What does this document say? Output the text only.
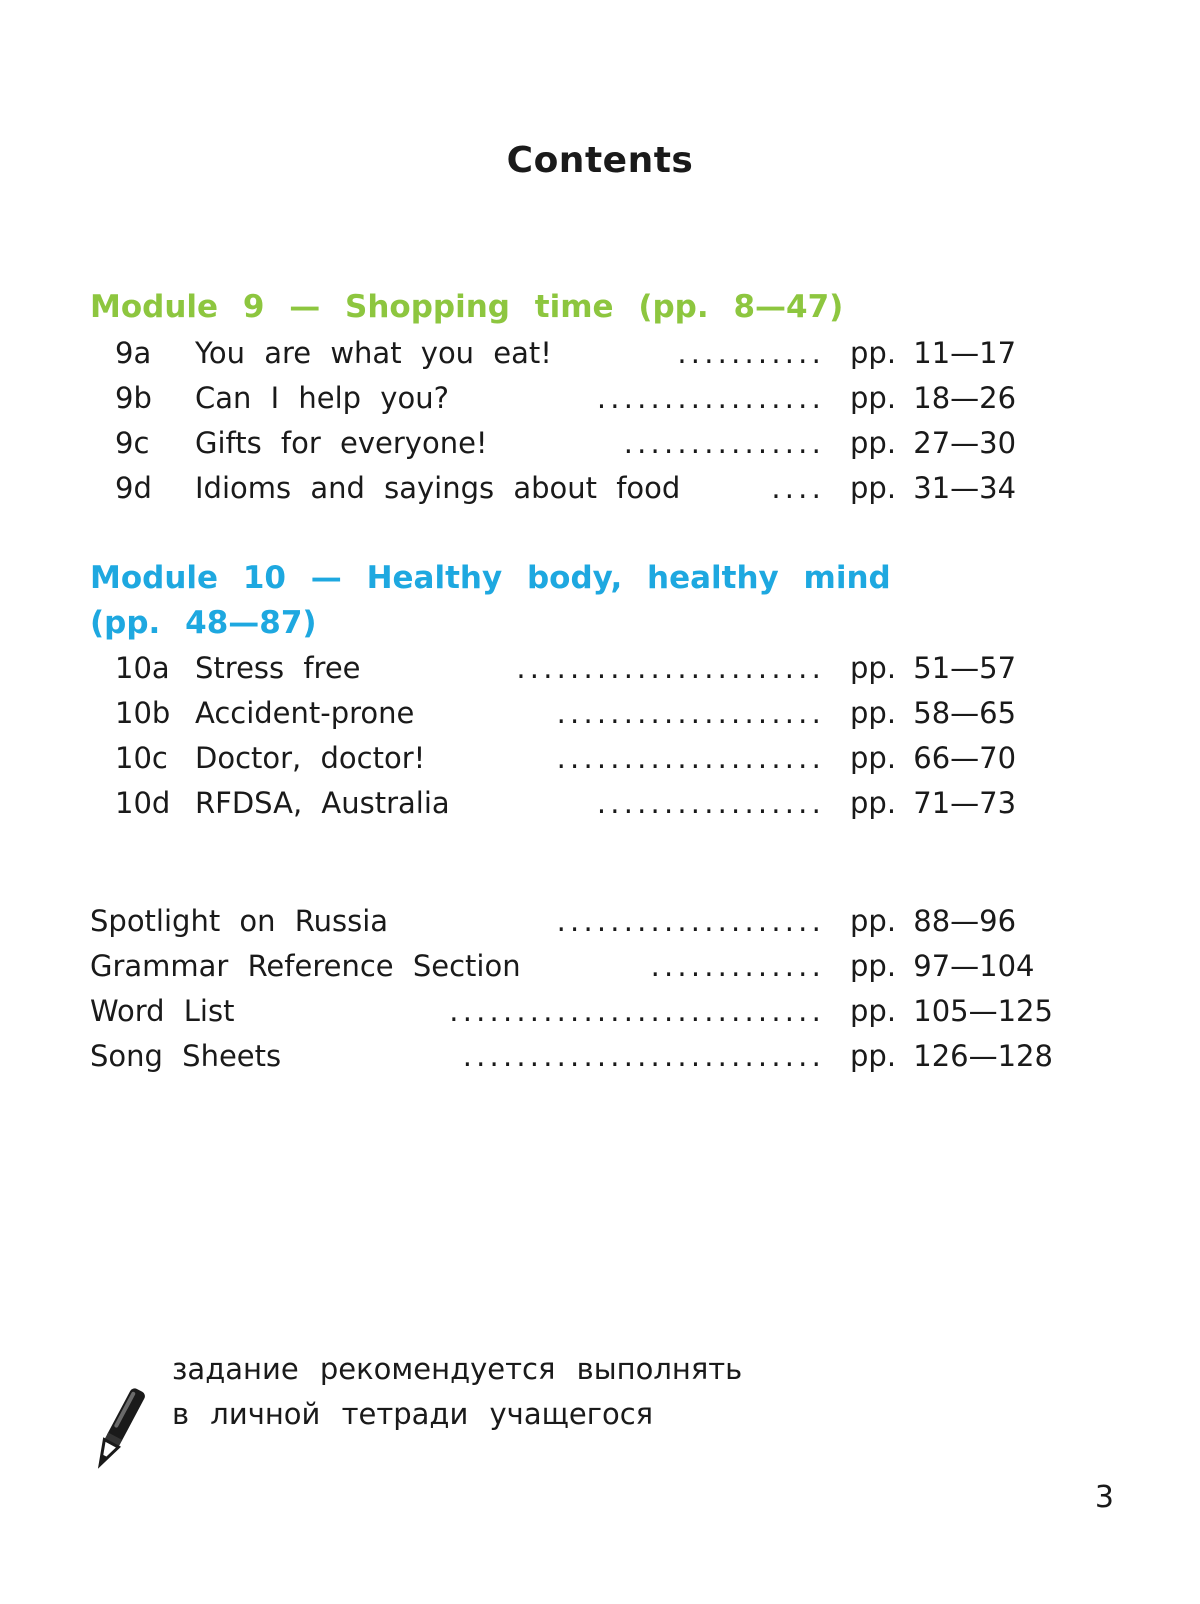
Contents
Module 9 — Shopping time (pp. 8—47)
9a You are what you eat!	........... pp. 11—17
9b Can I help you?	................. pp. 18—26
9c Gifts for everyone!	............... pp. 27—30
9d Idioms and sayings about food	.... pp. 31—34
Module 10 — Healthy body, healthy mind
(pp. 48—87)
10a Stress free	....................... pp. 51—57
10b Accident-prone	.................... pp. 58—65
10c Doctor, doctor!	.................... pp. 66—70
10d RFDSA, Australia	................. pp. 71—73
Spotlight on Russia	.................... pp. 88—96
Grammar Reference Section	............. pp. 97—104
Word List	............................ pp. 105—125
Song Sheets	........................... pp. 126—128
задание рекомендуется выполнять
в личной тетради учащегося
3
